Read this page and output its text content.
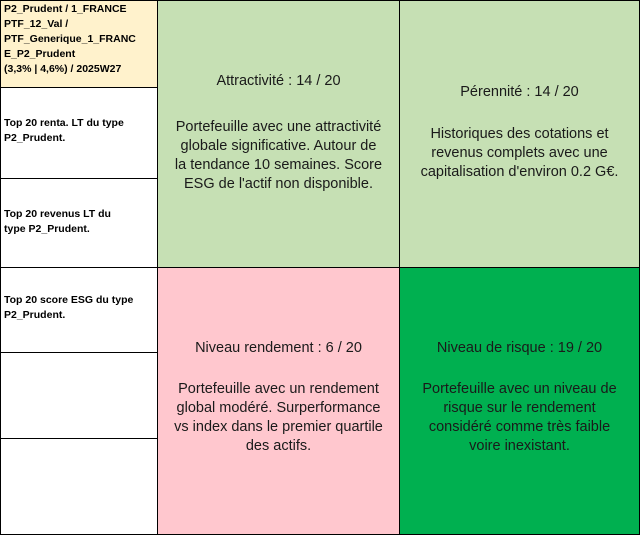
P2_Prudent / 1_FRANCE
PTF_12_Val /
PTF_Generique_1_FRANC
E_P2_Prudent
(3,3% | 4,6%) / 2025W27
Top 20 renta. LT du type
P2_Prudent.
Top 20 revenus LT du
type P2_Prudent.
Top 20 score ESG du type
P2_Prudent.
Attractivité : 14 / 20
Portefeuille avec une attractivité
globale significative. Autour de
la tendance 10 semaines. Score
ESG de l'actif non disponible.
Pérennité : 14 / 20
Historiques des cotations et
revenus complets avec une
capitalisation d'environ 0.2 G€.
Niveau rendement : 6 / 20
Portefeuille avec un rendement
global modéré. Surperformance
vs index dans le premier quartile
des actifs.
Niveau de risque : 19 / 20
Portefeuille avec un niveau de
risque sur le rendement
considéré comme très faible
voire inexistant.
